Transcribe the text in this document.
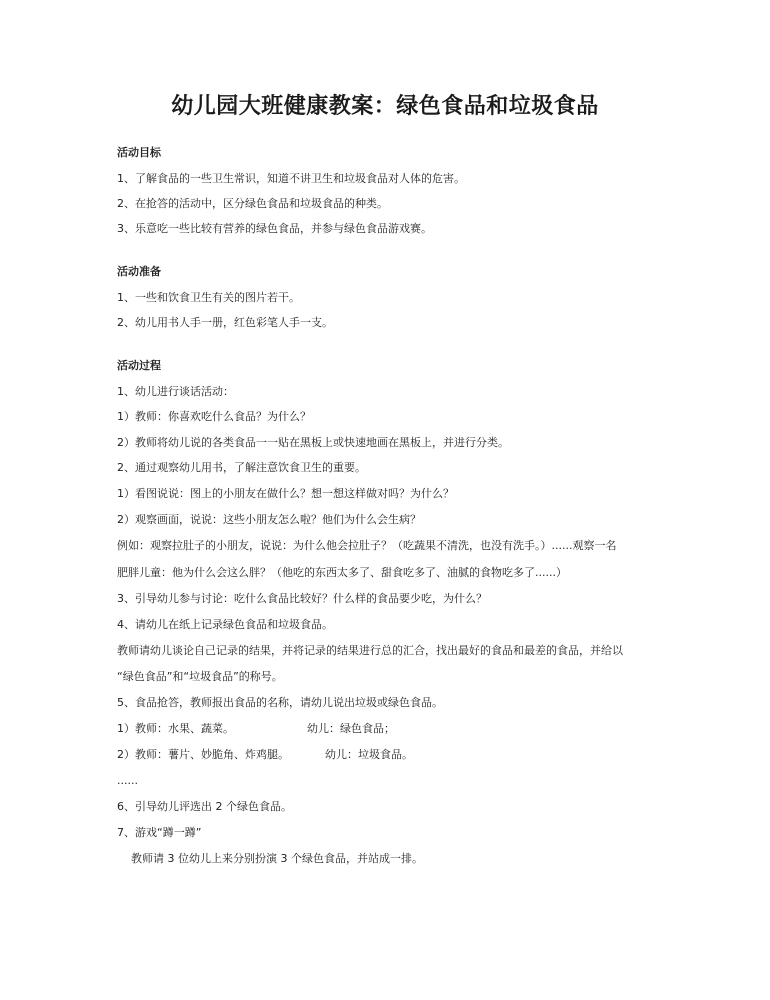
幼儿园大班健康教案：绿色食品和垃圾食品
活动目标
1、了解食品的一些卫生常识，知道不讲卫生和垃圾食品对人体的危害。
2、在抢答的活动中，区分绿色食品和垃圾食品的种类。
3、乐意吃一些比较有营养的绿色食品，并参与绿色食品游戏赛。
活动准备
1、一些和饮食卫生有关的图片若干。
2、幼儿用书人手一册，红色彩笔人手一支。
活动过程
1、幼儿进行谈话活动：
1）教师：你喜欢吃什么食品？为什么？
2）教师将幼儿说的各类食品一一贴在黑板上或快速地画在黑板上，并进行分类。
2、通过观察幼儿用书，了解注意饮食卫生的重要。
1）看图说说：图上的小朋友在做什么？想一想这样做对吗？为什么？
2）观察画面，说说：这些小朋友怎么啦？他们为什么会生病？
例如：观察拉肚子的小朋友，说说：为什么他会拉肚子？（吃蔬果不清洗，也没有洗手。）......观察一名
肥胖儿童：他为什么会这么胖？（他吃的东西太多了、甜食吃多了、油腻的食物吃多了......）
3、引导幼儿参与讨论：吃什么食品比较好？什么样的食品要少吃，为什么？
4、请幼儿在纸上记录绿色食品和垃圾食品。
教师请幼儿谈论自己记录的结果，并将记录的结果进行总的汇合，找出最好的食品和最差的食品，并给以
“绿色食品”和“垃圾食品”的称号。
5、食品抢答，教师报出食品的名称，请幼儿说出垃圾或绿色食品。
1）教师：水果、蔬菜。	幼儿：绿色食品；
2）教师：薯片、妙脆角、炸鸡腿。	幼儿：垃圾食品。
......
6、引导幼儿评选出 2 个绿色食品。
7、游戏“蹲一蹲”
教师请 3 位幼儿上来分别扮演 3 个绿色食品，并站成一排。
